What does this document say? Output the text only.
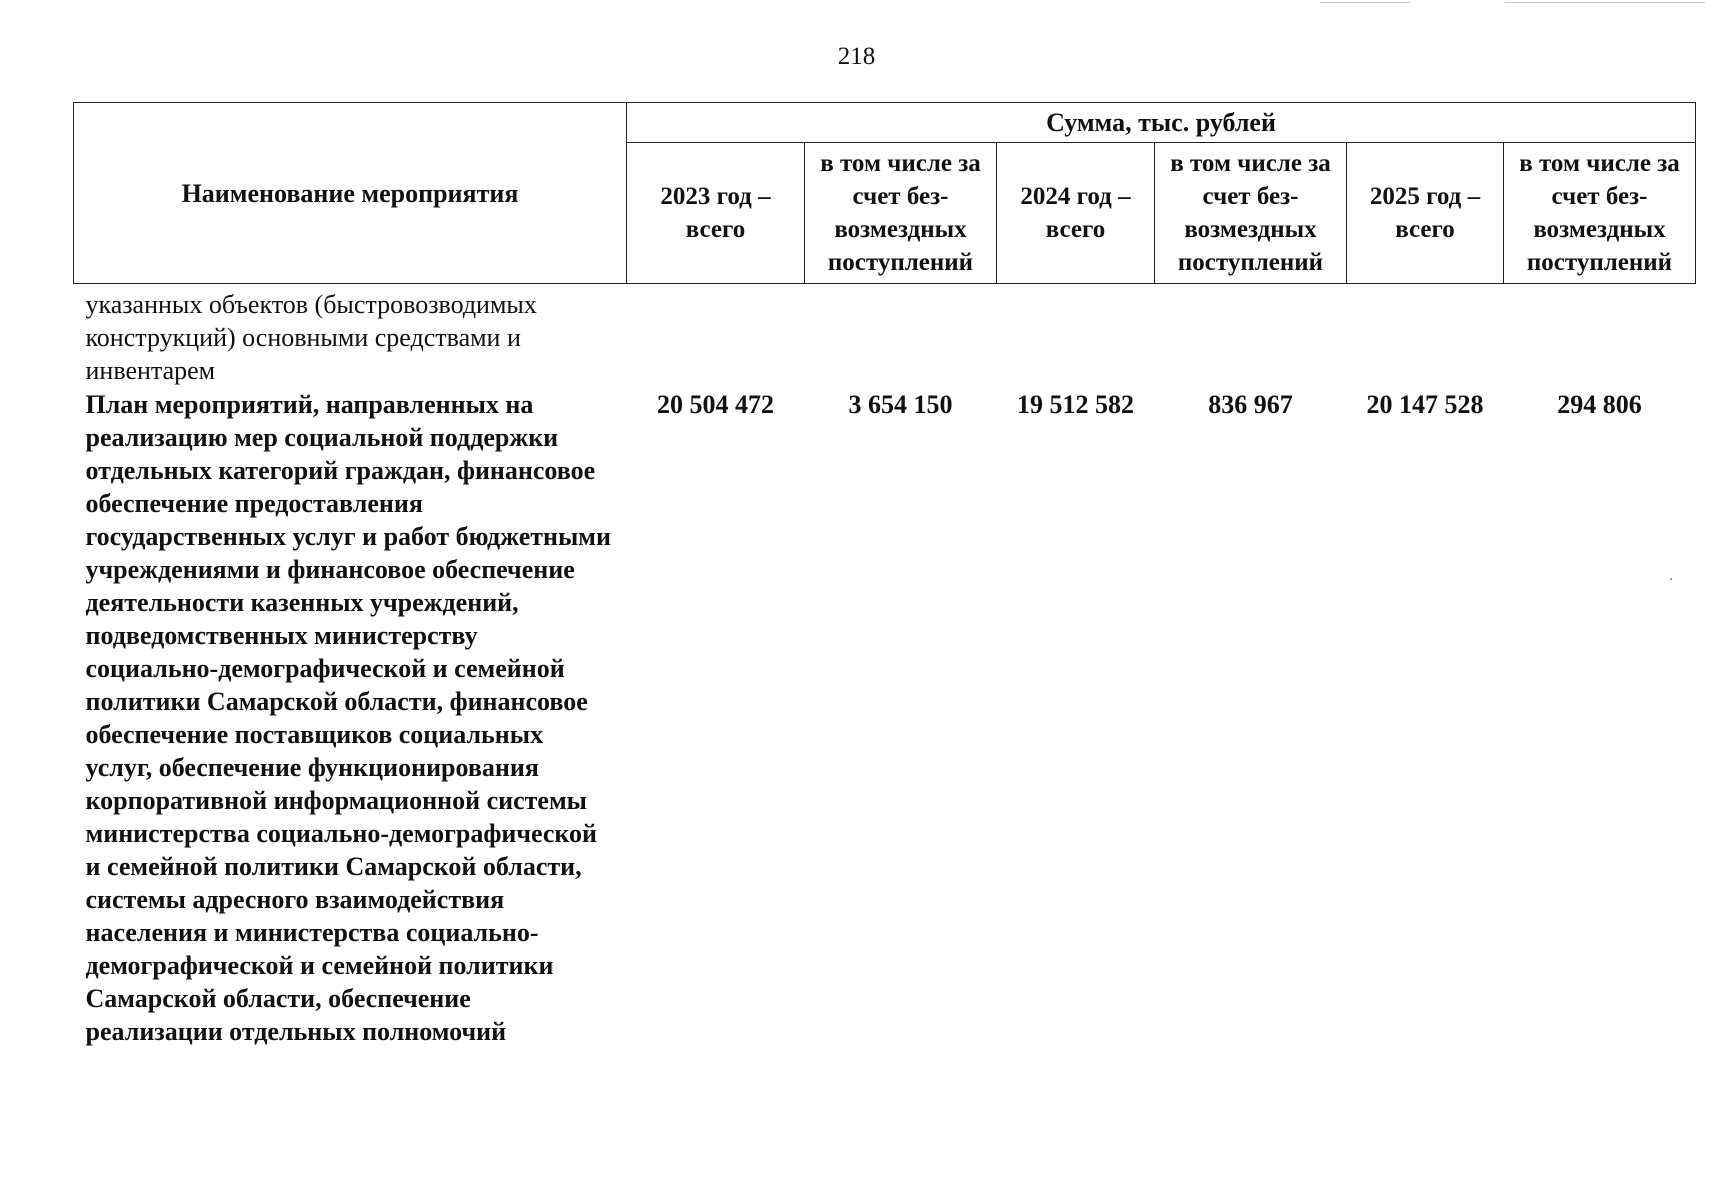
218
Наименование мероприятия	Сумма, тыс. рублей					
	2023 год – всего	в том числе за счет без-возмездных поступлений	2024 год – всего	в том числе за счет без-возмездных поступлений	2025 год – всего	в том числе за счет без-возмездных поступлений

указанных объектов (быстровозводимых конструкций) основными средствами и инвентарем						

План мероприятий, направленных на реализацию мер социальной поддержки отдельных категорий граждан, финансовое обеспечение предоставления государственных услуг и работ бюджетными учреждениями и финансовое обеспечение деятельности казенных учреждений, подведомственных министерству социально-демографической и семейной политики Самарской области, финансовое обеспечение поставщиков социальных услуг, обеспечение функционирования корпоративной информационной системы министерства социально-демографической и семейной политики Самарской области, системы адресного взаимодействия населения и министерства социально-демографической и семейной политики Самарской области, обеспечение реализации отдельных полномочий	20 504 472	3 654 150	19 512 582	836 967	20 147 528	294 806
